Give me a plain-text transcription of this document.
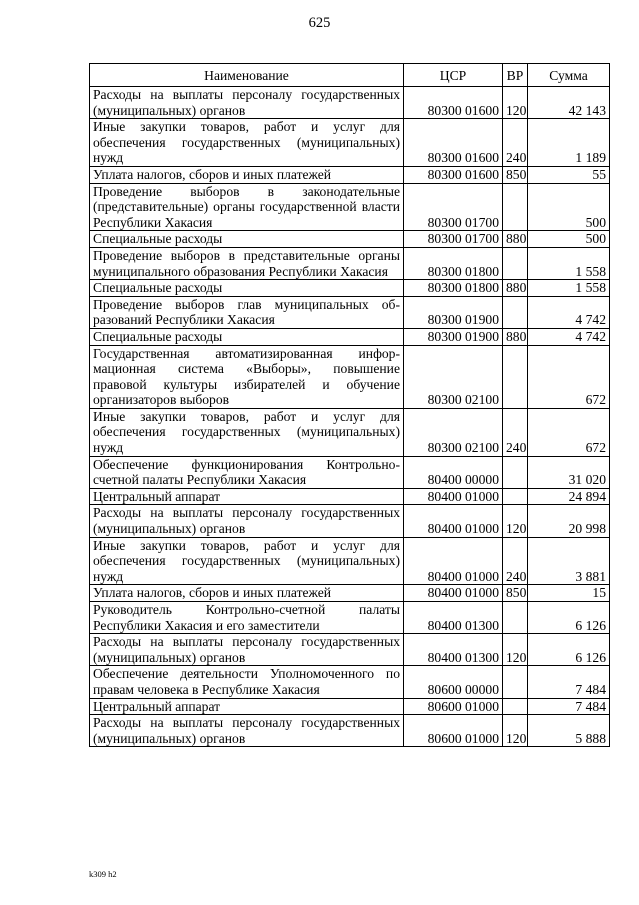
625
Наименование	ЦСР	ВР	Сумма
Расходы на выплаты персоналу государственных (муниципальных) органов	80300 01600	120	42 143
Иные закупки товаров, работ и услуг для обеспечения государственных (муниципальных) нужд	80300 01600	240	1 189
Уплата налогов, сборов и иных платежей	80300 01600	850	55
Проведение выборов в законодательные (представительные) органы государственной власти Республики Хакасия	80300 01700		500
Специальные расходы	80300 01700	880	500
Проведение выборов в представительные органы муниципального образования Республики Хакасия	80300 01800		1 558
Специальные расходы	80300 01800	880	1 558
Проведение выборов глав муниципальных образований Республики Хакасия	80300 01900		4 742
Специальные расходы	80300 01900	880	4 742
Государственная автоматизированная информационная система «Выборы», повышение правовой культуры избирателей и обучение организаторов выборов	80300 02100		672
Иные закупки товаров, работ и услуг для обеспечения государственных (муниципальных) нужд	80300 02100	240	672
Обеспечение функционирования Контрольно-счетной палаты Республики Хакасия	80400 00000		31 020
Центральный аппарат	80400 01000		24 894
Расходы на выплаты персоналу государственных (муниципальных) органов	80400 01000	120	20 998
Иные закупки товаров, работ и услуг для обеспечения государственных (муниципальных) нужд	80400 01000	240	3 881
Уплата налогов, сборов и иных платежей	80400 01000	850	15
Руководитель Контрольно-счетной палаты Республики Хакасия и его заместители	80400 01300		6 126
Расходы на выплаты персоналу государственных (муниципальных) органов	80400 01300	120	6 126
Обеспечение деятельности Уполномоченного по правам человека в Республике Хакасия	80600 00000		7 484
Центральный аппарат	80600 01000		7 484
Расходы на выплаты персоналу государственных (муниципальных) органов	80600 01000	120	5 888
k309 h2
